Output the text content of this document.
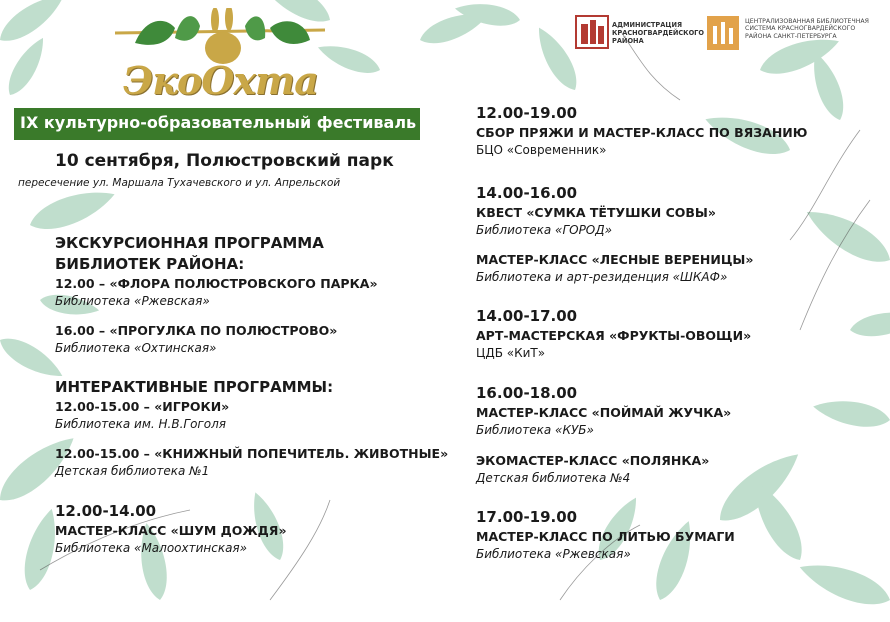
ЭкоОхта
АДМИНИСТРАЦИЯ КРАСНОГВАРДЕЙСКОГО РАЙОНА
ЦЕНТРАЛИЗОВАННАЯ БИБЛИОТЕЧНАЯ СИСТЕМА КРАСНОГВАРДЕЙСКОГО РАЙОНА САНКТ-ПЕТЕРБУРГА
IX культурно-образовательный фестиваль
10 сентября, Полюстровский парк
пересечение ул. Маршала Тухачевского и ул. Апрельской
ЭКСКУРСИОННАЯ ПРОГРАММА
БИБЛИОТЕК РАЙОНА:
12.00 – «ФЛОРА ПОЛЮСТРОВСКОГО ПАРКА»
Библиотека «Ржевская»
16.00 – «ПРОГУЛКА ПО ПОЛЮСТРОВО»
Библиотека «Охтинская»
ИНТЕРАКТИВНЫЕ ПРОГРАММЫ:
12.00-15.00 – «ИГРОКИ»
Библиотека им. Н.В.Гоголя
12.00-15.00 – «КНИЖНЫЙ ПОПЕЧИТЕЛЬ. ЖИВОТНЫЕ»
Детская библиотека №1
12.00-14.00
МАСТЕР-КЛАСС «ШУМ ДОЖДЯ»
Библиотека «Малоохтинская»
12.00-19.00
СБОР ПРЯЖИ И МАСТЕР-КЛАСС ПО ВЯЗАНИЮ
БЦО «Современник»
14.00-16.00
КВЕСТ «СУМКА ТЁТУШКИ СОВЫ»
Библиотека «ГОРОД»
МАСТЕР-КЛАСС «ЛЕСНЫЕ ВЕРЕНИЦЫ»
Библиотека и арт-резиденция «ШКАФ»
14.00-17.00
АРТ-МАСТЕРСКАЯ «ФРУКТЫ-ОВОЩИ»
ЦДБ «КиТ»
16.00-18.00
МАСТЕР-КЛАСС «ПОЙМАЙ ЖУЧКА»
Библиотека «КУБ»
ЭКОМАСТЕР-КЛАСС «ПОЛЯНКА»
Детская библиотека №4
17.00-19.00
МАСТЕР-КЛАСС ПО ЛИТЬЮ БУМАГИ
Библиотека «Ржевская»
